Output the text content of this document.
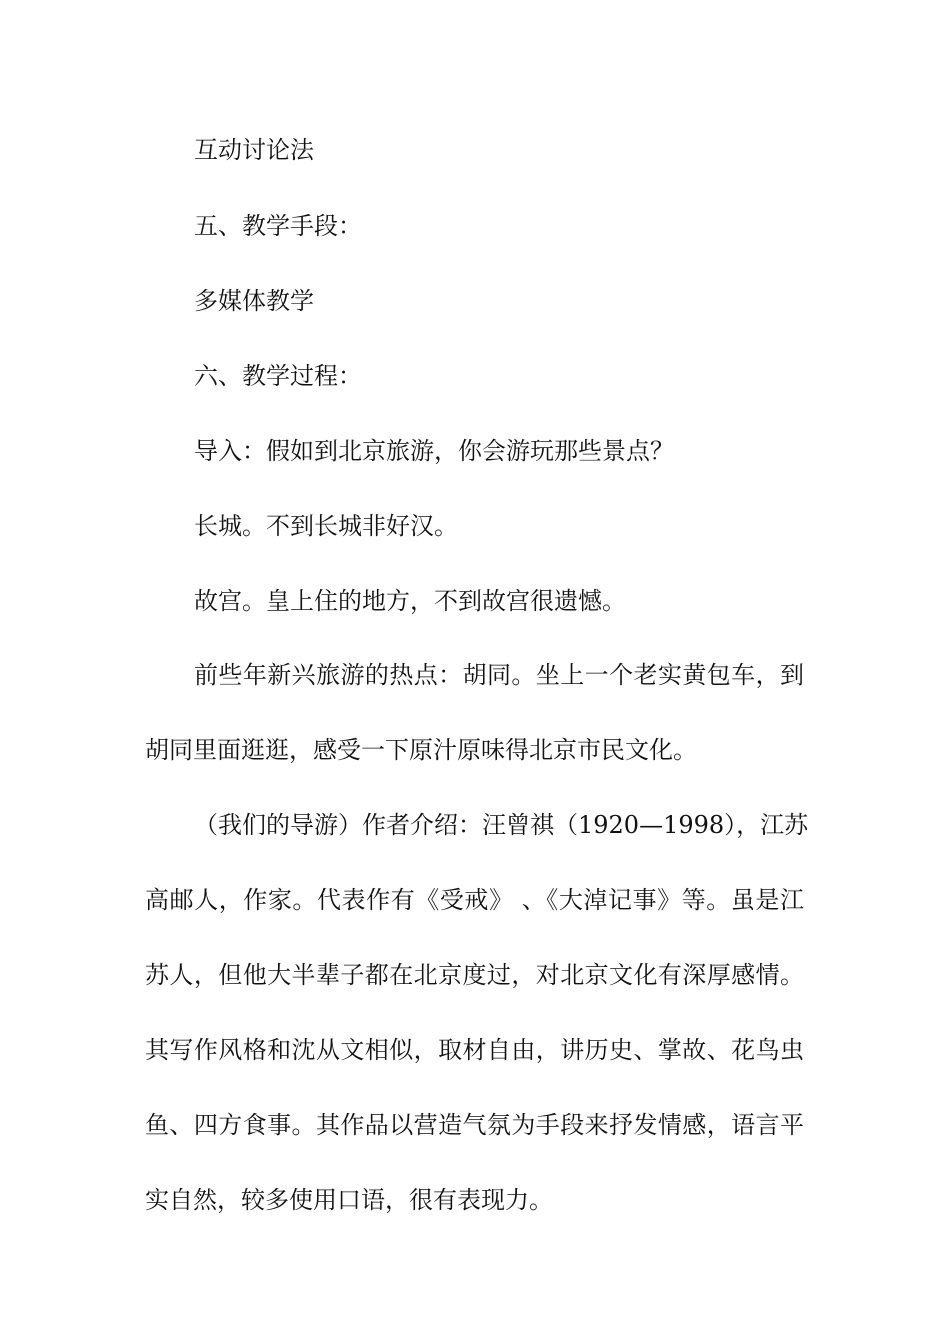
互动讨论法
五、教学手段：
多媒体教学
六、教学过程：
导入：假如到北京旅游，你会游玩那些景点？
长城。不到长城非好汉。
故宫。皇上住的地方，不到故宫很遗憾。
前些年新兴旅游的热点：胡同。坐上一个老实黄包车，到
胡同里面逛逛，感受一下原汁原味得北京市民文化。
（我们的导游）作者介绍：汪曾祺（1920—1998），江苏
高邮人，作家。代表作有《受戒》 、《大淖记事》等。虽是江
苏人，但他大半辈子都在北京度过，对北京文化有深厚感情。
其写作风格和沈从文相似，取材自由，讲历史、掌故、花鸟虫
鱼、四方食事。其作品以营造气氛为手段来抒发情感，语言平
实自然，较多使用口语，很有表现力。
